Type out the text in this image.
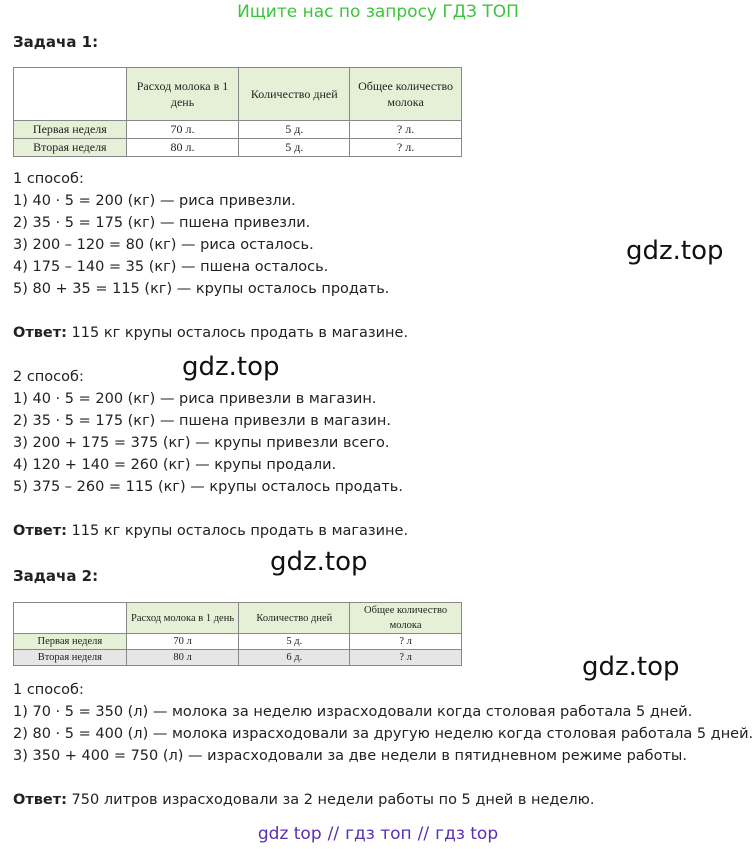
Ищите нас по запросу ГДЗ ТОП
Задача 1:
	Расход молока в 1 день	Количество дней	Общее количество молока
Первая неделя	70 л.	5 д.	? л.
Вторая неделя	80 л.	5 д.	? л.
1 способ:
1) 40 · 5 = 200 (кг) — риса привезли.
2) 35 · 5 = 175 (кг) — пшена привезли.
3) 200 – 120 = 80 (кг) — риса осталось.
4) 175 – 140 = 35 (кг) — пшена осталось.
5) 80 + 35 = 115 (кг) — крупы осталось продать.
Ответ: 115 кг крупы осталось продать в магазине.
2 способ:
1) 40 · 5 = 200 (кг) — риса привезли в магазин.
2) 35 · 5 = 175 (кг) — пшена привезли в магазин.
3) 200 + 175 = 375 (кг) — крупы привезли всего.
4) 120 + 140 = 260 (кг) — крупы продали.
5) 375 – 260 = 115 (кг) — крупы осталось продать.
Ответ: 115 кг крупы осталось продать в магазине.
Задача 2:
	Расход молока в 1 день	Количество дней	Общее количество молока
Первая неделя	70 л	5 д.	? л
Вторая неделя	80 л	6 д.	? л
1 способ:
1) 70 · 5 = 350 (л) — молока за неделю израсходовали когда столовая работала 5 дней.
2) 80 · 5 = 400 (л) — молока израсходовали за другую неделю когда столовая работала 5 дней.
3) 350 + 400 = 750 (л) — израсходовали за две недели в пятидневном режиме работы.
Ответ: 750 литров израсходовали за 2 недели работы по 5 дней в неделю.
gdz.top
gdz.top
gdz.top
gdz.top
gdz top // гдз топ // гдз top
